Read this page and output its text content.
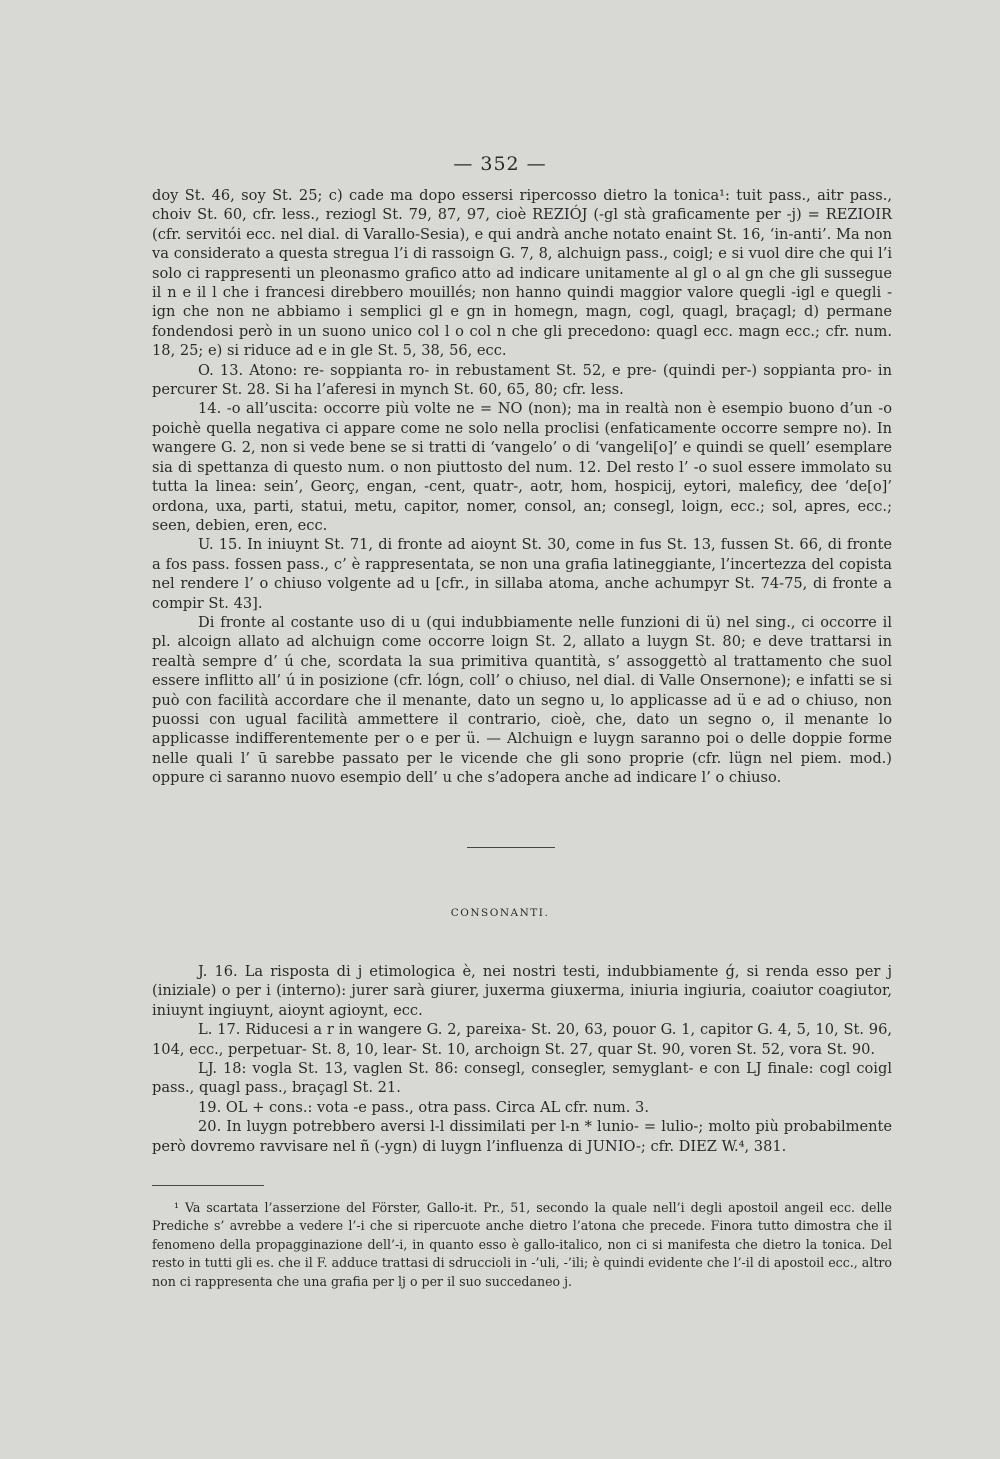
— 352 —

doy St. 46, soy St. 25; c) cade ma dopo essersi ripercosso dietro la tonica¹: tuit pass., aitr pass., choiv St. 60, cfr. less., reziogl St. 79, 87, 97, cioè REZIÓJ (-gl stà graficamente per -j) = REZIOIR (cfr. servitói ecc. nel dial. di Varallo-Sesia), e qui andrà anche notato enaint St. 16, ‘in-anti’. Ma non va considerato a questa stregua l’i di rassoign G. 7, 8, alchuign pass., coigl; e si vuol dire che qui l’i solo ci rappresenti un pleonasmo grafico atto ad indicare unitamente al gl o al gn che gli sussegue il n e il l che i francesi direbbero mouillés; non hanno quindi maggior valore quegli -igl e quegli -ign che non ne abbiamo i semplici gl e gn in homegn, magn, cogl, quagl, braçagl; d) permane fondendosi però in un suono unico col l o col n che gli precedono: quagl ecc. magn ecc.; cfr. num. 18, 25; e) si riduce ad e in gle St. 5, 38, 56, ecc.

O. 13. Atono: re- soppianta ro- in rebustament St. 52, e pre- (quindi per-) soppianta pro- in percurer St. 28. Si ha l’aferesi in mynch St. 60, 65, 80; cfr. less.

14. -o all’uscita: occorre più volte ne = NO (non); ma in realtà non è esempio buono d’un -o poichè quella negativa ci appare come ne solo nella proclisi (enfaticamente occorre sempre no). In wangere G. 2, non si vede bene se si tratti di ‘vangelo’ o di ‘vangeli[o]’ e quindi se quell’ esemplare sia di spettanza di questo num. o non piuttosto del num. 12. Del resto l’ -o suol essere immolato su tutta la linea: sein’, Georç, engan, -cent, quatr-, aotr, hom, hospicij, eytori, maleficy, dee ‘de[o]’ ordona, uxa, parti, statui, metu, capitor, nomer, consol, an; consegl, loign, ecc.; sol, apres, ecc.; seen, debien, eren, ecc.

U. 15. In iniuynt St. 71, di fronte ad aioynt St. 30, come in fus St. 13, fussen St. 66, di fronte a fos pass. fossen pass., c’ è rappresentata, se non una grafia latineggiante, l’incertezza del copista nel rendere l’ o chiuso volgente ad u [cfr., in sillaba atoma, anche achumpyr St. 74-75, di fronte a compir St. 43].

Di fronte al costante uso di u (qui indubbiamente nelle funzioni di ü) nel sing., ci occorre il pl. alcoign allato ad alchuign come occorre loign St. 2, allato a luygn St. 80; e deve trattarsi in realtà sempre d’ ú che, scordata la sua primitiva quantità, s’ assoggettò al trattamento che suol essere inflitto all’ ú in posizione (cfr. lógn, coll’ o chiuso, nel dial. di Valle Onsernone); e infatti se si può con facilità accordare che il menante, dato un segno u, lo applicasse ad ü e ad o chiuso, non puossi con ugual facilità ammettere il contrario, cioè, che, dato un segno o, il menante lo applicasse indifferentemente per o e per ü. — Alchuign e luygn saranno poi o delle doppie forme nelle quali l’ ū sarebbe passato per le vicende che gli sono proprie (cfr. lügn nel piem. mod.) oppure ci saranno nuovo esempio dell’ u che s’adopera anche ad indicare l’ o chiuso.

CONSONANTI.

J. 16. La risposta di j etimologica è, nei nostri testi, indubbiamente ǵ, si renda esso per j (iniziale) o per i (interno): jurer sarà giurer, juxerma giuxerma, iniuria ingiuria, coaiutor coagiutor, iniuynt ingiuynt, aioynt agioynt, ecc.

L. 17. Riducesi a r in wangere G. 2, pareixa- St. 20, 63, pouor G. 1, capitor G. 4, 5, 10, St. 96, 104, ecc., perpetuar- St. 8, 10, lear- St. 10, archoign St. 27, quar St. 90, voren St. 52, vora St. 90.

LJ. 18: vogla St. 13, vaglen St. 86: consegl, consegler, semyglant- e con LJ finale: cogl coigl pass., quagl pass., braçagl St. 21.

19. OL + cons.: vota -e pass., otra pass. Circa AL cfr. num. 3.

20. In luygn potrebbero aversi l-l dissimilati per l-n * lunio- = lulio-; molto più probabilmente però dovremo ravvisare nel ñ (-ygn) di luygn l’influenza di JUNIO-; cfr. DIEZ W.⁴, 381.

¹ Va scartata l’asserzione del Förster, Gallo-it. Pr., 51, secondo la quale nell’i degli apostoil angeil ecc. delle Prediche s’ avrebbe a vedere l’-i che si ripercuote anche dietro l’atona che precede. Finora tutto dimostra che il fenomeno della propagginazione dell’-i, in quanto esso è gallo-italico, non ci si manifesta che dietro la tonica. Del resto in tutti gli es. che il F. adduce trattasi di sdruccioli in -’uli, -’ili; è quindi evidente che l’-il di apostoil ecc., altro non ci rappresenta che una grafia per lj o per il suo succedaneo j.
